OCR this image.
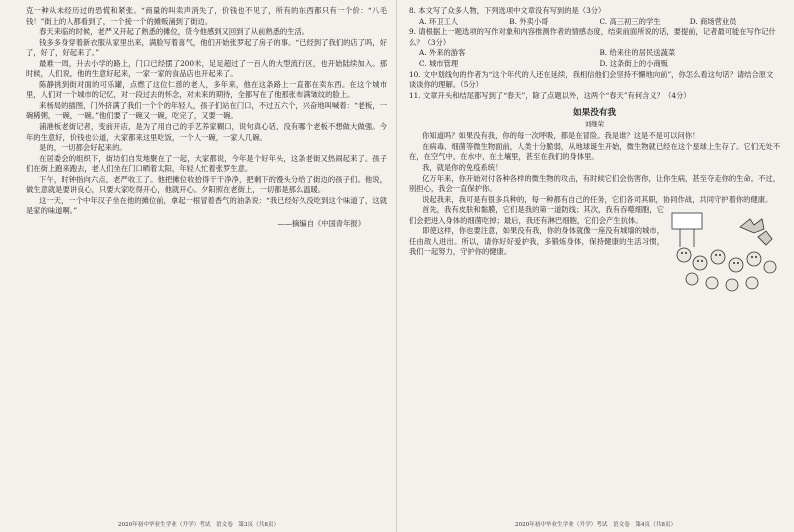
克一种从未经历过的恐慌和紧张。“商量的叫卖声消失了，价钱也不见了，所有的东西都只有一个价：“八毛钱！”街上的人都看到了，一个接一个的摊贩涌到了街边。

春天来临的时候，老严又开起了熟悉的摊位，货今他感到又回到了从前熟悉的生活。

钱多多身穿着新衣服从家里出来，满脸写着喜气，他们开始张罗起了房子的事。“已经到了我们的店了吗，好了，好了，好起来了。”

最难一周，升去小学的路上，门口已经摆了200米，足足超过了一百人的大型流行区，也开始陆续加入。那时候，人们说，他的生意好起来，一家一家的食品店也开起来了。

陈静挑到街对面的可乐罐，点燃了这位仁慈的老人，多年来，他在这条路上一直都在卖东西。在这个城市里，人们对一个城市的记忆，对一段过去的怀念，对未来的期待，全都写在了他那张布满皱纹的脸上。

来杨局的插图，门外挤满了我们一个个的年轻人，孩子们站在门口，不过五六个，兴奋地叫喊着：“老板，一碗稀粥，一碗，一碗。”他们要了一碗又一碗，吃完了，又要一碗。

浦港板老街记者，变前开店，是为了用自己的手艺养家糊口，说句真心话，没有哪个老板不想做大做强。今年的生意好，价钱也公道，大家都来这里吃饭，一个人一碗，一家人几碗。

是的，一切都会好起来的。

在居委会的组织下，街坊们自发地聚在了一起，大家都说，今年是个好年头，这条老街又热闹起来了。孩子们在街上跑来跑去，老人们坐在门口晒着太阳，年轻人忙着张罗生意。

下午，时钟指向六点，老严收工了。他把摊位收拾得干干净净，把剩下的馒头分给了街边的孩子们。他说，做生意就是要讲良心，只要大家吃得开心，他就开心。夕阳照在老街上，一切都是那么温暖。

这一天，一个中年汉子坐在他的摊位前，拿起一根冒着香气的油条说：“我已经好久没吃到这个味道了，这就是家的味道啊。”

——摘编自《中国青年报》
2020年初中毕业生学业（升学）考试　语文卷　第3页（共8页）
8. 本文写了众多人物，下列选项中文章没有写到的是（3分）
A. 环卫工人	B. 外卖小哥	C. 高三初三的学生	D. 商场营业员
9. 请根据上一题选项的写作对象和内容推测作者的情感态度，结束前面所说的话，要提前，记者最可能在写作记什么？（3分）
A. 外来的游客	B. 给来往的居民送蔬菜
C. 城市管理	D. 这条街上的小商贩
10. 文中划线句的作者为“这个年代的人还在延续，我相信他们会坚持不懈地向前”，你怎么看这句话？请结合原文谈谈你的理解。（5分）
11. 文章开头和结尾都写到了“春天”，除了点题以外，这两个“春天”有何含义？（4分）
如果没有我
刘继荣

你知道吗？如果没有我，你的每一次呼吸，都是在冒险。我是谁？这是不是可以问你！

在病毒、细菌等微生物面前，人类十分脆弱，从地球诞生开始，微生物就已经在这个星球上生存了。它们无处不在，在空气中、在水中、在土壤里，甚至在我们的身体里。

我，就是你的免疫系统！

亿万年来，你开始对付各种各样的微生物的攻击，有时候它们会伤害你，让你生病，甚至夺走你的生命。不过，别担心，我会一直保护你。

说起我来，我可是有很多兵种的，每一种都有自己的任务，它们各司其职，协同作战，共同守护着你的健康。

首先，我有皮肤和黏膜，它们是我的第一道防线；其次，我有吞噬细胞，它们会把进入身体的细菌吃掉；最后，我还有淋巴细胞，它们会产生抗体。

即使这样，你也要注意，如果没有我，你的身体就像一座没有城墙的城市，任由敌人进出。所以，请你好好爱护我，多锻炼身体，保持健康的生活习惯，我们一起努力，守护你的健康。

2020年初中毕业生学业（升学）考试　语文卷　第4页（共8页）
